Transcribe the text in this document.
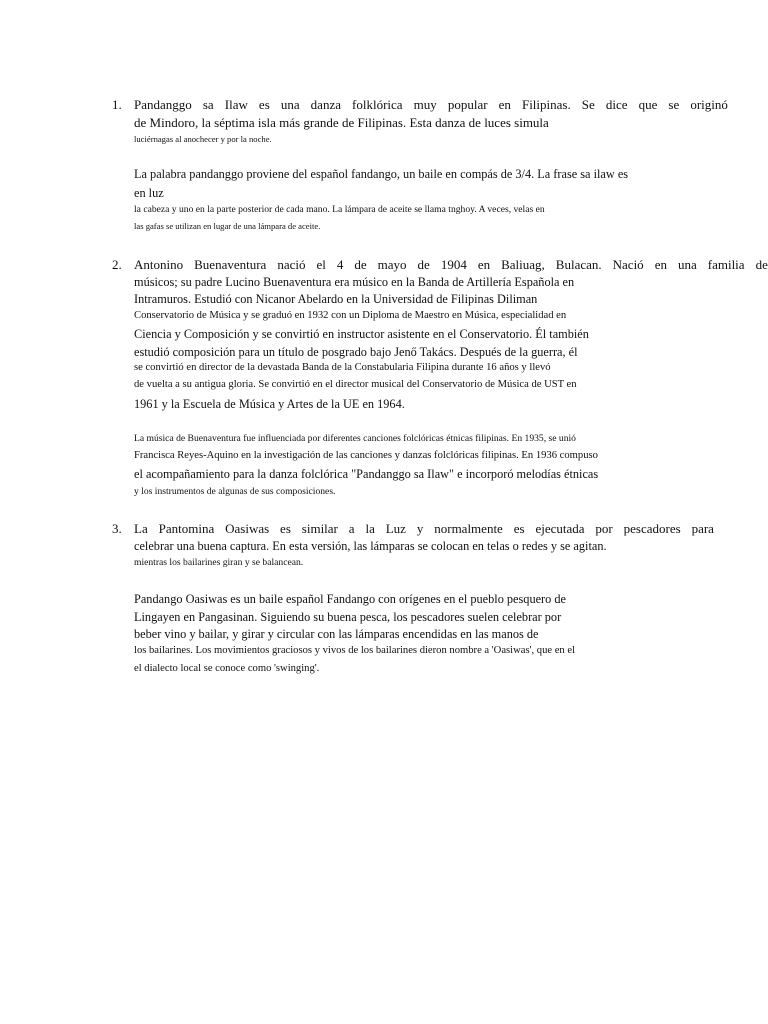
1. Pandanggo sa Ilaw es una danza folklórica muy popular en Filipinas. Se dice que se originó
de Mindoro, la séptima isla más grande de Filipinas. Esta danza de luces simula
luciérnagas al anochecer y por la noche.
La palabra pandanggo proviene del español fandango, un baile en compás de 3/4. La frase sa ilaw es
en luz
la cabeza y uno en la parte posterior de cada mano. La lámpara de aceite se llama tnghoy. A veces, velas en
las gafas se utilizan en lugar de una lámpara de aceite.
2. Antonino Buenaventura nació el 4 de mayo de 1904 en Baliuag, Bulacan. Nació en una familia de
músicos; su padre Lucino Buenaventura era músico en la Banda de Artillería Española en
Intramuros. Estudió con Nicanor Abelardo en la Universidad de Filipinas Diliman
Conservatorio de Música y se graduó en 1932 con un Diploma de Maestro en Música, especialidad en
Ciencia y Composición y se convirtió en instructor asistente en el Conservatorio. Él también
estudió composición para un título de posgrado bajo Jenő Takács. Después de la guerra, él
se convirtió en director de la devastada Banda de la Constabularia Filipina durante 16 años y llevó
de vuelta a su antigua gloria. Se convirtió en el director musical del Conservatorio de Música de UST en
1961 y la Escuela de Música y Artes de la UE en 1964.
La música de Buenaventura fue influenciada por diferentes canciones folclóricas étnicas filipinas. En 1935, se unió
Francisca Reyes-Aquino en la investigación de las canciones y danzas folclóricas filipinas. En 1936 compuso
el acompañamiento para la danza folclórica "Pandanggo sa Ilaw" e incorporó melodías étnicas
y los instrumentos de algunas de sus composiciones.
3. La Pantomina Oasiwas es similar a la Luz y normalmente es ejecutada por pescadores para
celebrar una buena captura. En esta versión, las lámparas se colocan en telas o redes y se agitan.
mientras los bailarines giran y se balancean.
Pandango Oasiwas es un baile español Fandango con orígenes en el pueblo pesquero de
Lingayen en Pangasinan. Siguiendo su buena pesca, los pescadores suelen celebrar por
beber vino y bailar, y girar y circular con las lámparas encendidas en las manos de
los bailarines. Los movimientos graciosos y vivos de los bailarines dieron nombre a 'Oasiwas', que en el
el dialecto local se conoce como 'swinging'.
